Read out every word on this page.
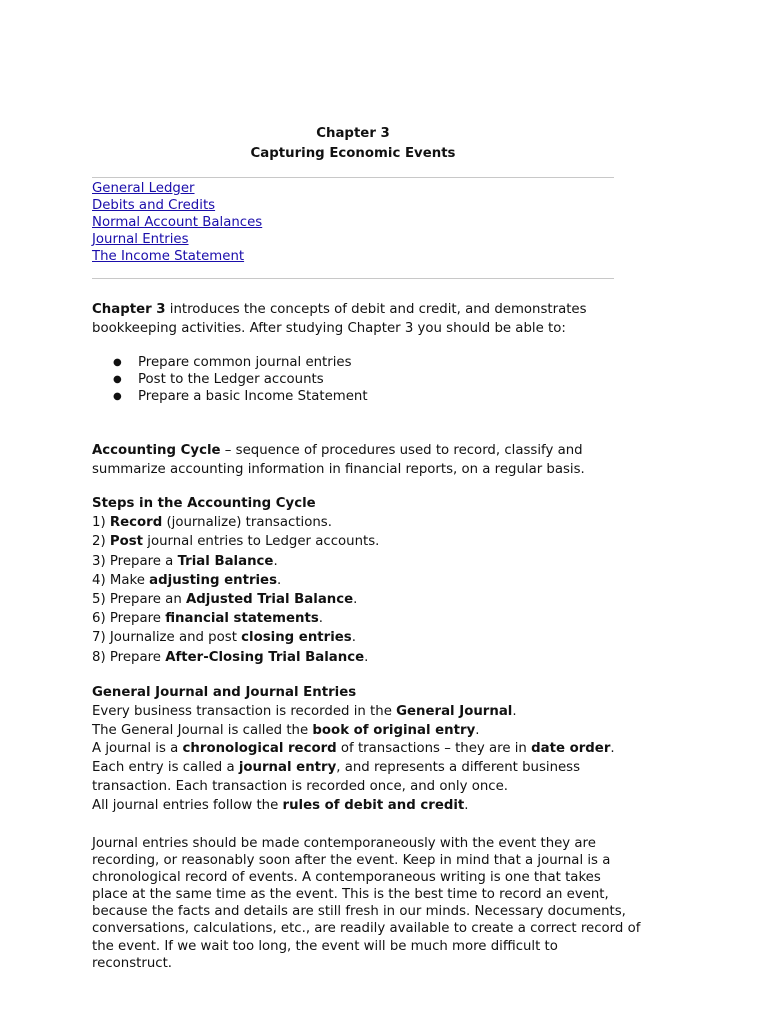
Chapter 3
Capturing Economic Events
General Ledger
Debits and Credits
Normal Account Balances
Journal Entries
The Income Statement
Chapter 3 introduces the concepts of debit and credit, and demonstrates
bookkeeping activities. After studying Chapter 3 you should be able to:
● Prepare common journal entries
● Post to the Ledger accounts
● Prepare a basic Income Statement
Accounting Cycle – sequence of procedures used to record, classify and
summarize accounting information in financial reports, on a regular basis.
Steps in the Accounting Cycle
1) Record (journalize) transactions.
2) Post journal entries to Ledger accounts.
3) Prepare a Trial Balance.
4) Make adjusting entries.
5) Prepare an Adjusted Trial Balance.
6) Prepare financial statements.
7) Journalize and post closing entries.
8) Prepare After-Closing Trial Balance.
General Journal and Journal Entries
Every business transaction is recorded in the General Journal.
The General Journal is called the book of original entry.
A journal is a chronological record of transactions – they are in date order.
Each entry is called a journal entry, and represents a different business
transaction. Each transaction is recorded once, and only once.
All journal entries follow the rules of debit and credit.
Journal entries should be made contemporaneously with the event they are
recording, or reasonably soon after the event. Keep in mind that a journal is a
chronological record of events. A contemporaneous writing is one that takes
place at the same time as the event. This is the best time to record an event,
because the facts and details are still fresh in our minds. Necessary documents,
conversations, calculations, etc., are readily available to create a correct record of
the event. If we wait too long, the event will be much more difficult to
reconstruct.
